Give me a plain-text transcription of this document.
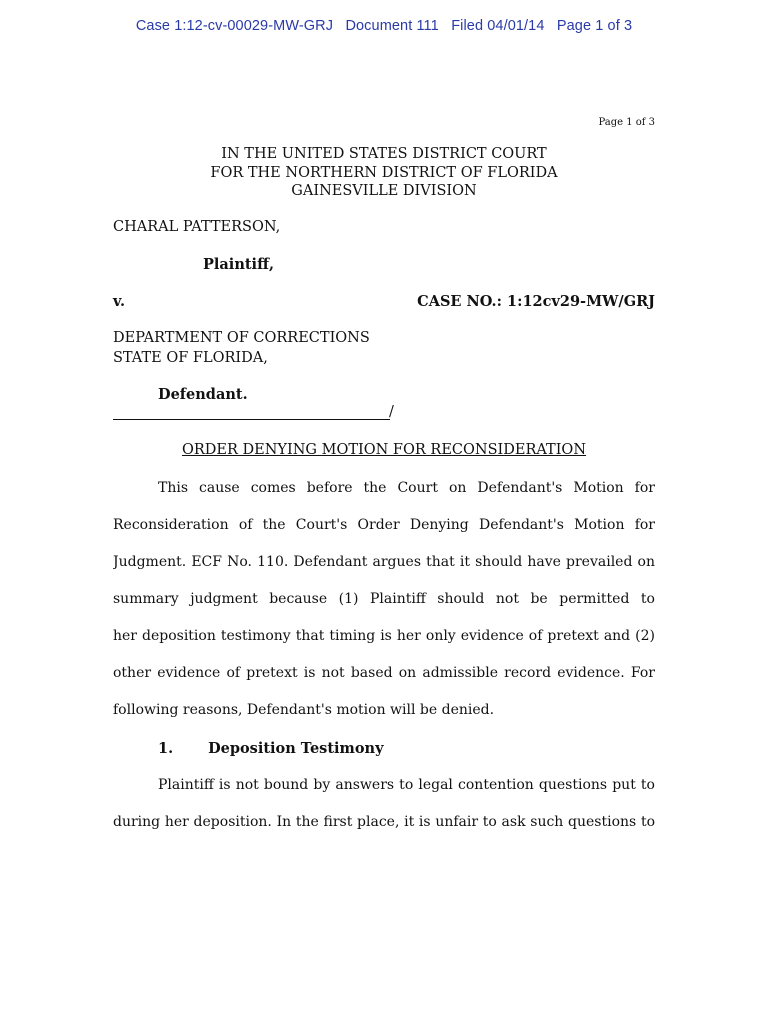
Case 1:12-cv-00029-MW-GRJ   Document 111   Filed 04/01/14   Page 1 of 3
Page 1 of 3
IN THE UNITED STATES DISTRICT COURT
FOR THE NORTHERN DISTRICT OF FLORIDA
GAINESVILLE DIVISION
CHARAL PATTERSON,
Plaintiff,
v.	CASE NO.: 1:12cv29-MW/GRJ
DEPARTMENT OF CORRECTIONS
STATE OF FLORIDA,
Defendant.
/
ORDER DENYING MOTION FOR RECONSIDERATION
This cause comes before the Court on Defendant's Motion for
Reconsideration of the Court's Order Denying Defendant's Motion for
Judgment. ECF No. 110. Defendant argues that it should have prevailed on
summary judgment because (1) Plaintiff should not be permitted to
her deposition testimony that timing is her only evidence of pretext and (2)
other evidence of pretext is not based on admissible record evidence. For
following reasons, Defendant's motion will be denied.
1. Deposition Testimony
Plaintiff is not bound by answers to legal contention questions put to
during her deposition. In the first place, it is unfair to ask such questions to
